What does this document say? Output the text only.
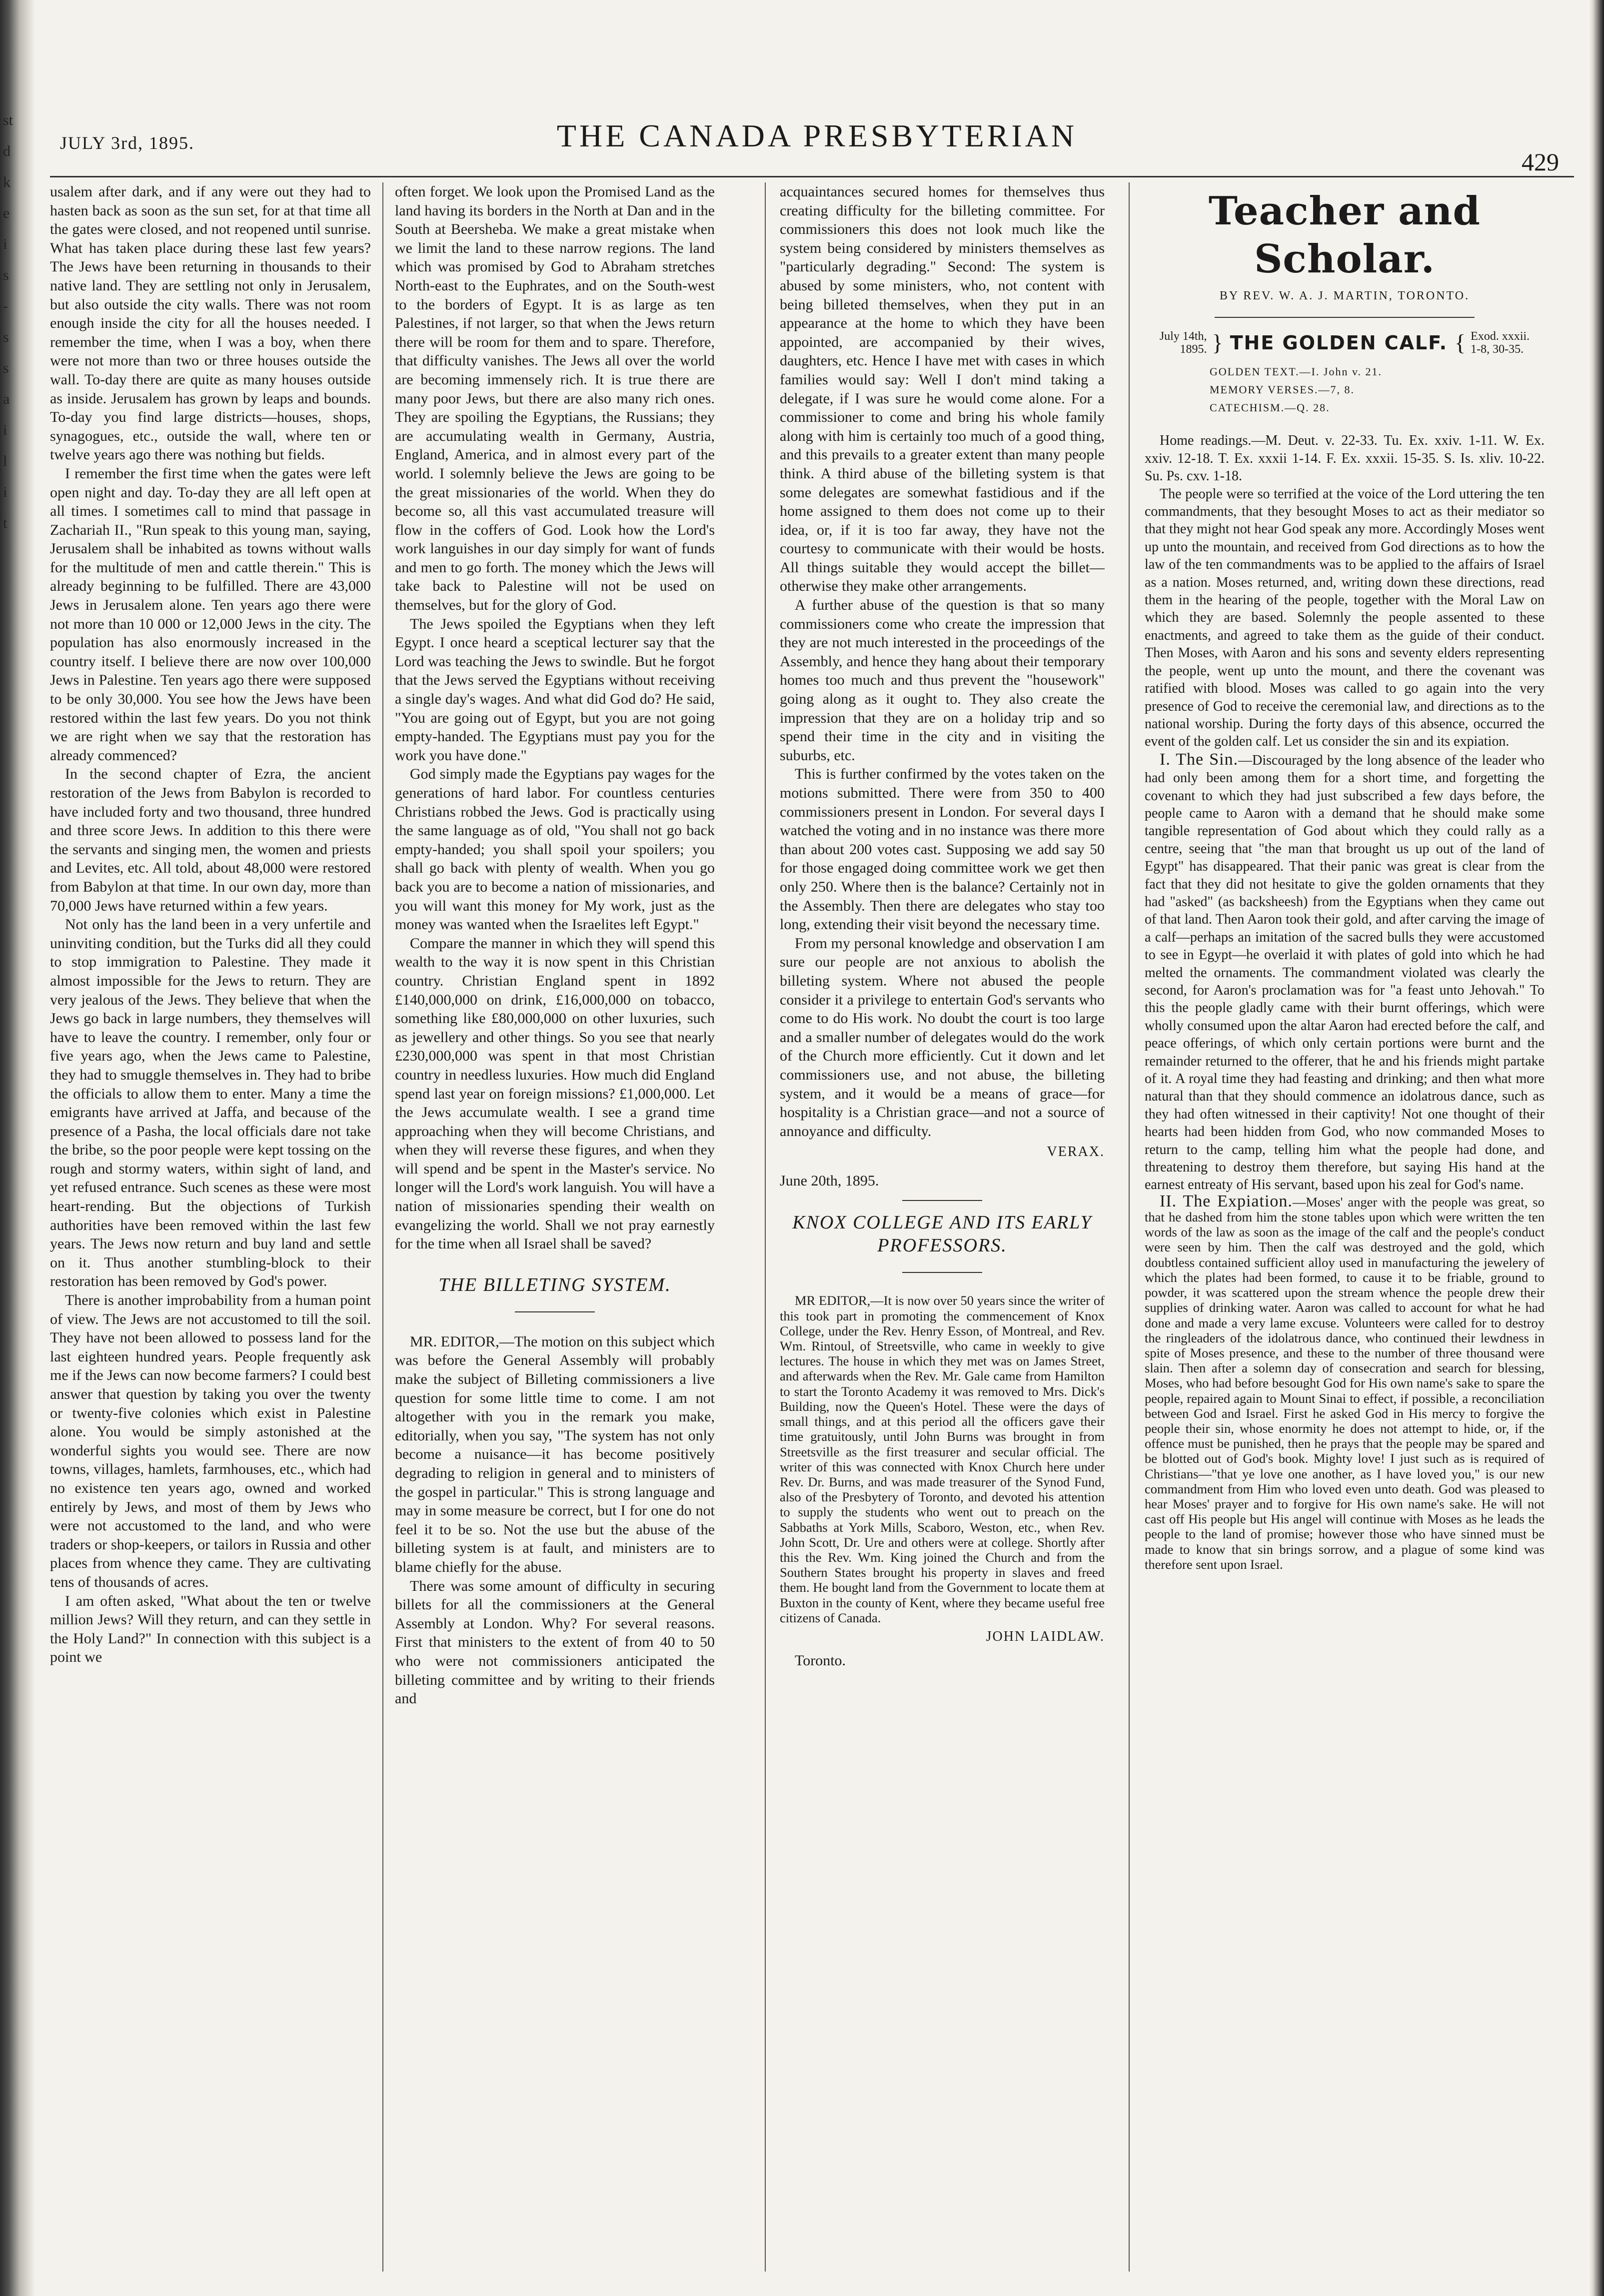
st
d
k
e
i
s
-
s
s
a
i
l
i
t
JULY 3rd, 1895.	THE CANADA PRESBYTERIAN
429

usalem after dark, and if any were out they had to hasten back as soon as the sun set, for at that time all the gates were closed, and not reopened until sunrise. What has taken place during these last few years? The Jews have been returning in thousands to their native land. They are settling not only in Jerusalem, but also outside the city walls. There was not room enough inside the city for all the houses needed. I remember the time, when I was a boy, when there were not more than two or three houses outside the wall. To-day there are quite as many houses outside as inside. Jerusalem has grown by leaps and bounds. To-day you find large districts—houses, shops, synagogues, etc., outside the wall, where ten or twelve years ago there was nothing but fields.

I remember the first time when the gates were left open night and day. To-day they are all left open at all times. I sometimes call to mind that passage in Zachariah II., "Run speak to this young man, saying, Jerusalem shall be inhabited as towns without walls for the multitude of men and cattle therein." This is already beginning to be fulfilled. There are 43,000 Jews in Jerusalem alone. Ten years ago there were not more than 10 000 or 12,000 Jews in the city. The population has also enormously increased in the country itself. I believe there are now over 100,000 Jews in Palestine. Ten years ago there were supposed to be only 30,000. You see how the Jews have been restored within the last few years. Do you not think we are right when we say that the restoration has already commenced?

In the second chapter of Ezra, the ancient restoration of the Jews from Babylon is recorded to have included forty and two thousand, three hundred and three score Jews. In addition to this there were the servants and singing men, the women and priests and Levites, etc. All told, about 48,000 were restored from Babylon at that time. In our own day, more than 70,000 Jews have returned within a few years.

Not only has the land been in a very unfertile and uninviting condition, but the Turks did all they could to stop immigration to Palestine. They made it almost impossible for the Jews to return. They are very jealous of the Jews. They believe that when the Jews go back in large numbers, they themselves will have to leave the country. I remember, only four or five years ago, when the Jews came to Palestine, they had to smuggle themselves in. They had to bribe the officials to allow them to enter. Many a time the emigrants have arrived at Jaffa, and because of the presence of a Pasha, the local officials dare not take the bribe, so the poor people were kept tossing on the rough and stormy waters, within sight of land, and yet refused entrance. Such scenes as these were most heart-rending. But the objections of Turkish authorities have been removed within the last few years. The Jews now return and buy land and settle on it. Thus another stumbling-block to their restoration has been removed by God's power.

There is another improbability from a human point of view. The Jews are not accustomed to till the soil. They have not been allowed to possess land for the last eighteen hundred years. People frequently ask me if the Jews can now become farmers? I could best answer that question by taking you over the twenty or twenty-five colonies which exist in Palestine alone. You would be simply astonished at the wonderful sights you would see. There are now towns, villages, hamlets, farmhouses, etc., which had no existence ten years ago, owned and worked entirely by Jews, and most of them by Jews who were not accustomed to the land, and who were traders or shop-keepers, or tailors in Russia and other places from whence they came. They are cultivating tens of thousands of acres.

I am often asked, "What about the ten or twelve million Jews? Will they return, and can they settle in the Holy Land?" In connection with this subject is a point we

often forget. We look upon the Promised Land as the land having its borders in the North at Dan and in the South at Beersheba. We make a great mistake when we limit the land to these narrow regions. The land which was promised by God to Abraham stretches North-east to the Euphrates, and on the South-west to the borders of Egypt. It is as large as ten Palestines, if not larger, so that when the Jews return there will be room for them and to spare. Therefore, that difficulty vanishes. The Jews all over the world are becoming immensely rich. It is true there are many poor Jews, but there are also many rich ones. They are spoiling the Egyptians, the Russians; they are accumulating wealth in Germany, Austria, England, America, and in almost every part of the world. I solemnly believe the Jews are going to be the great missionaries of the world. When they do become so, all this vast accumulated treasure will flow in the coffers of God. Look how the Lord's work languishes in our day simply for want of funds and men to go forth. The money which the Jews will take back to Palestine will not be used on themselves, but for the glory of God.

The Jews spoiled the Egyptians when they left Egypt. I once heard a sceptical lecturer say that the Lord was teaching the Jews to swindle. But he forgot that the Jews served the Egyptians without receiving a single day's wages. And what did God do? He said, "You are going out of Egypt, but you are not going empty-handed. The Egyptians must pay you for the work you have done."

God simply made the Egyptians pay wages for the generations of hard labor. For countless centuries Christians robbed the Jews. God is practically using the same language as of old, "You shall not go back empty-handed; you shall spoil your spoilers; you shall go back with plenty of wealth. When you go back you are to become a nation of missionaries, and you will want this money for My work, just as the money was wanted when the Israelites left Egypt."

Compare the manner in which they will spend this wealth to the way it is now spent in this Christian country. Christian England spent in 1892 £140,000,000 on drink, £16,000,000 on tobacco, something like £80,000,000 on other luxuries, such as jewellery and other things. So you see that nearly £230,000,000 was spent in that most Christian country in needless luxuries. How much did England spend last year on foreign missions? £1,000,000. Let the Jews accumulate wealth. I see a grand time approaching when they will become Christians, and when they will reverse these figures, and when they will spend and be spent in the Master's service. No longer will the Lord's work languish. You will have a nation of missionaries spending their wealth on evangelizing the world. Shall we not pray earnestly for the time when all Israel shall be saved?

THE BILLETING SYSTEM.

MR. EDITOR,—The motion on this subject which was before the General Assembly will probably make the subject of Billeting commissioners a live question for some little time to come. I am not altogether with you in the remark you make, editorially, when you say, "The system has not only become a nuisance—it has become positively degrading to religion in general and to ministers of the gospel in particular." This is strong language and may in some measure be correct, but I for one do not feel it to be so. Not the use but the abuse of the billeting system is at fault, and ministers are to blame chiefly for the abuse.

There was some amount of difficulty in securing billets for all the commissioners at the General Assembly at London. Why? For several reasons. First that ministers to the extent of from 40 to 50 who were not commissioners anticipated the billeting committee and by writing to their friends and

acquaintances secured homes for themselves thus creating difficulty for the billeting committee. For commissioners this does not look much like the system being considered by ministers themselves as "particularly degrading." Second: The system is abused by some ministers, who, not content with being billeted themselves, when they put in an appearance at the home to which they have been appointed, are accompanied by their wives, daughters, etc. Hence I have met with cases in which families would say: Well I don't mind taking a delegate, if I was sure he would come alone. For a commissioner to come and bring his whole family along with him is certainly too much of a good thing, and this prevails to a greater extent than many people think. A third abuse of the billeting system is that some delegates are somewhat fastidious and if the home assigned to them does not come up to their idea, or, if it is too far away, they have not the courtesy to communicate with their would be hosts. All things suitable they would accept the billet—otherwise they make other arrangements.

A further abuse of the question is that so many commissioners come who create the impression that they are not much interested in the proceedings of the Assembly, and hence they hang about their temporary homes too much and thus prevent the "housework" going along as it ought to. They also create the impression that they are on a holiday trip and so spend their time in the city and in visiting the suburbs, etc.

This is further confirmed by the votes taken on the motions submitted. There were from 350 to 400 commissioners present in London. For several days I watched the voting and in no instance was there more than about 200 votes cast. Supposing we add say 50 for those engaged doing committee work we get then only 250. Where then is the balance? Certainly not in the Assembly. Then there are delegates who stay too long, extending their visit beyond the necessary time.

From my personal knowledge and observation I am sure our people are not anxious to abolish the billeting system. Where not abused the people consider it a privilege to entertain God's servants who come to do His work. No doubt the court is too large and a smaller number of delegates would do the work of the Church more efficiently. Cut it down and let commissioners use, and not abuse, the billeting system, and it would be a means of grace—for hospitality is a Christian grace—and not a source of annoyance and difficulty.

VERAX.
June 20th, 1895.
KNOX COLLEGE AND ITS EARLY PROFESSORS.

MR EDITOR,—It is now over 50 years since the writer of this took part in promoting the commencement of Knox College, under the Rev. Henry Esson, of Montreal, and Rev. Wm. Rintoul, of Streetsville, who came in weekly to give lectures. The house in which they met was on James Street, and afterwards when the Rev. Mr. Gale came from Hamilton to start the Toronto Academy it was removed to Mrs. Dick's Building, now the Queen's Hotel. These were the days of small things, and at this period all the officers gave their time gratuitously, until John Burns was brought in from Streetsville as the first treasurer and secular official. The writer of this was connected with Knox Church here under Rev. Dr. Burns, and was made treasurer of the Synod Fund, also of the Presbytery of Toronto, and devoted his attention to supply the students who went out to preach on the Sabbaths at York Mills, Scaboro, Weston, etc., when Rev. John Scott, Dr. Ure and others were at college. Shortly after this the Rev. Wm. King joined the Church and from the Southern States brought his property in slaves and freed them. He bought land from the Government to locate them at Buxton in the county of Kent, where they became useful free citizens of Canada.

JOHN LAIDLAW.
Toronto.
Teacher and Scholar.
BY REV. W. A. J. MARTIN, TORONTO.
July 14th,
1895. } THE GOLDEN CALF. { Exod. xxxii.
1-8, 30-35.
GOLDEN TEXT.—I. John v. 21.
MEMORY VERSES.—7, 8.
CATECHISM.—Q. 28.

Home readings.—M. Deut. v. 22-33. Tu. Ex. xxiv. 1-11. W. Ex. xxiv. 12-18. T. Ex. xxxii 1-14. F. Ex. xxxii. 15-35. S. Is. xliv. 10-22. Su. Ps. cxv. 1-18.

The people were so terrified at the voice of the Lord uttering the ten commandments, that they besought Moses to act as their mediator so that they might not hear God speak any more. Accordingly Moses went up unto the mountain, and received from God directions as to how the law of the ten commandments was to be applied to the affairs of Israel as a nation. Moses returned, and, writing down these directions, read them in the hearing of the people, together with the Moral Law on which they are based. Solemnly the people assented to these enactments, and agreed to take them as the guide of their conduct. Then Moses, with Aaron and his sons and seventy elders representing the people, went up unto the mount, and there the covenant was ratified with blood. Moses was called to go again into the very presence of God to receive the ceremonial law, and directions as to the national worship. During the forty days of this absence, occurred the event of the golden calf. Let us consider the sin and its expiation.

I. The Sin.—Discouraged by the long absence of the leader who had only been among them for a short time, and forgetting the covenant to which they had just subscribed a few days before, the people came to Aaron with a demand that he should make some tangible representation of God about which they could rally as a centre, seeing that "the man that brought us up out of the land of Egypt" has disappeared. That their panic was great is clear from the fact that they did not hesitate to give the golden ornaments that they had "asked" (as backsheesh) from the Egyptians when they came out of that land. Then Aaron took their gold, and after carving the image of a calf—perhaps an imitation of the sacred bulls they were accustomed to see in Egypt—he overlaid it with plates of gold into which he had melted the ornaments. The commandment violated was clearly the second, for Aaron's proclamation was for "a feast unto Jehovah." To this the people gladly came with their burnt offerings, which were wholly consumed upon the altar Aaron had erected before the calf, and peace offerings, of which only certain portions were burnt and the remainder returned to the offerer, that he and his friends might partake of it. A royal time they had feasting and drinking; and then what more natural than that they should commence an idolatrous dance, such as they had often witnessed in their captivity! Not one thought of their hearts had been hidden from God, who now commanded Moses to return to the camp, telling him what the people had done, and threatening to destroy them therefore, but saying His hand at the earnest entreaty of His servant, based upon his zeal for God's name.

II. The Expiation.—Moses' anger with the people was great, so that he dashed from him the stone tables upon which were written the ten words of the law as soon as the image of the calf and the people's conduct were seen by him. Then the calf was destroyed and the gold, which doubtless contained sufficient alloy used in manufacturing the jewelery of which the plates had been formed, to cause it to be friable, ground to powder, it was scattered upon the stream whence the people drew their supplies of drinking water. Aaron was called to account for what he had done and made a very lame excuse. Volunteers were called for to destroy the ringleaders of the idolatrous dance, who continued their lewdness in spite of Moses presence, and these to the number of three thousand were slain. Then after a solemn day of consecration and search for blessing, Moses, who had before besought God for His own name's sake to spare the people, repaired again to Mount Sinai to effect, if possible, a reconciliation between God and Israel. First he asked God in His mercy to forgive the people their sin, whose enormity he does not attempt to hide, or, if the offence must be punished, then he prays that the people may be spared and be blotted out of God's book. Mighty love! I just such as is required of Christians—"that ye love one another, as I have loved you," is our new commandment from Him who loved even unto death. God was pleased to hear Moses' prayer and to forgive for His own name's sake. He will not cast off His people but His angel will continue with Moses as he leads the people to the land of promise; however those who have sinned must be made to know that sin brings sorrow, and a plague of some kind was therefore sent upon Israel.
